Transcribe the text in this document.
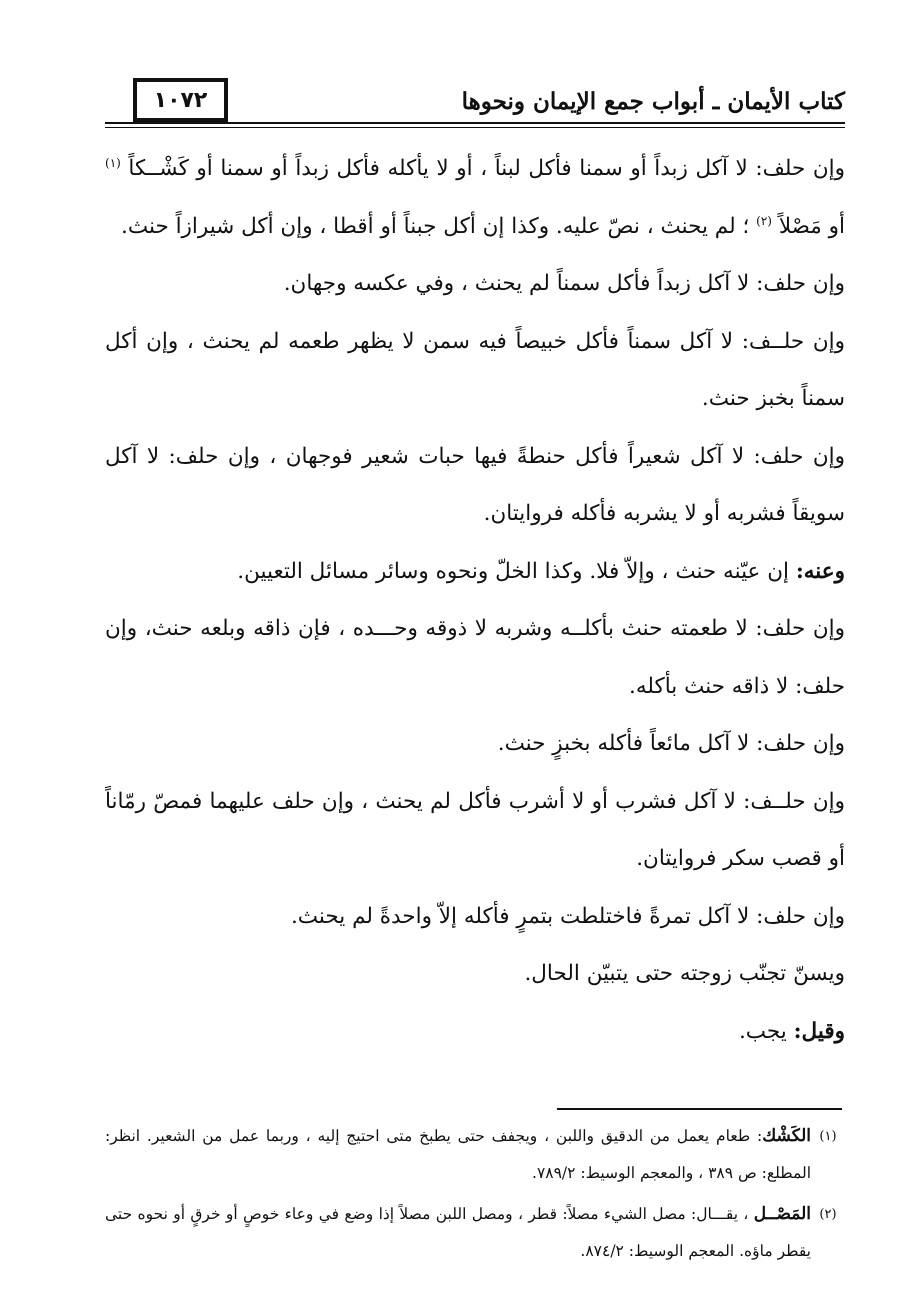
١٠٧٢	كتاب الأيمان ـ أبواب جمع الإيمان ونحوها

وإن حلف: لا آكل زبداً أو سمنا فأكل لبناً ، أو لا يأكله فأكل زبداً أو سمنا أو كَشْــكاً $^{(١)}$ أو مَصْلاً $^{(٢)}$ ؛ لم يحنث ، نصّ عليه. وكذا إن أكل جبناً أو أقطا ، وإن أكل شيرازاً حنث.

وإن حلف: لا آكل زبداً فأكل سمناً لم يحنث ، وفي عكسه وجهان.

وإن حلــف: لا آكل سمناً فأكل خبيصاً فيه سمن لا يظهر طعمه لم يحنث ، وإن أكل سمناً بخبز حنث.

وإن حلف: لا آكل شعيراً فأكل حنطةً فيها حبات شعير فوجهان ، وإن حلف: لا آكل سويقاً فشربه أو لا يشربه فأكله فروايتان.

وعنه: إن عيّنه حنث ، وإلاّ فلا. وكذا الخلّ ونحوه وسائر مسائل التعيين.

وإن حلف: لا طعمته حنث بأكلــه وشربه لا ذوقه وحـــده ، فإن ذاقه وبلعه حنث، وإن حلف: لا ذاقه حنث بأكله.

وإن حلف: لا آكل مائعاً فأكله بخبزٍ حنث.

وإن حلــف: لا آكل فشرب أو لا أشرب فأكل لم يحنث ، وإن حلف عليهما فمصّ رمّاناً أو قصب سكر فروايتان.

وإن حلف: لا آكل تمرةً فاختلطت بتمرٍ فأكله إلاّ واحدةً لم يحنث.

ويسنّ تجنّب زوجته حتى يتبيّن الحال.

وقيل: يجب.

(١)
الكَشْك: طعام يعمل من الدقيق واللبن ، ويجفف حتى يطبخ متى احتيج إليه ، وربما عمل من الشعير. انظر: المطلع: ص ٣٨٩ ، والمعجم الوسيط: ٧٨٩/٢.
(٢)
المَصْــل ، يقـــال: مصل الشيء مصلاً: قطر ، ومصل اللبن مصلاً إذا وضع في وعاء خوصٍ أو خرقٍ أو نحوه حتى يقطر ماؤه. المعجم الوسيط: ٨٧٤/٢.
